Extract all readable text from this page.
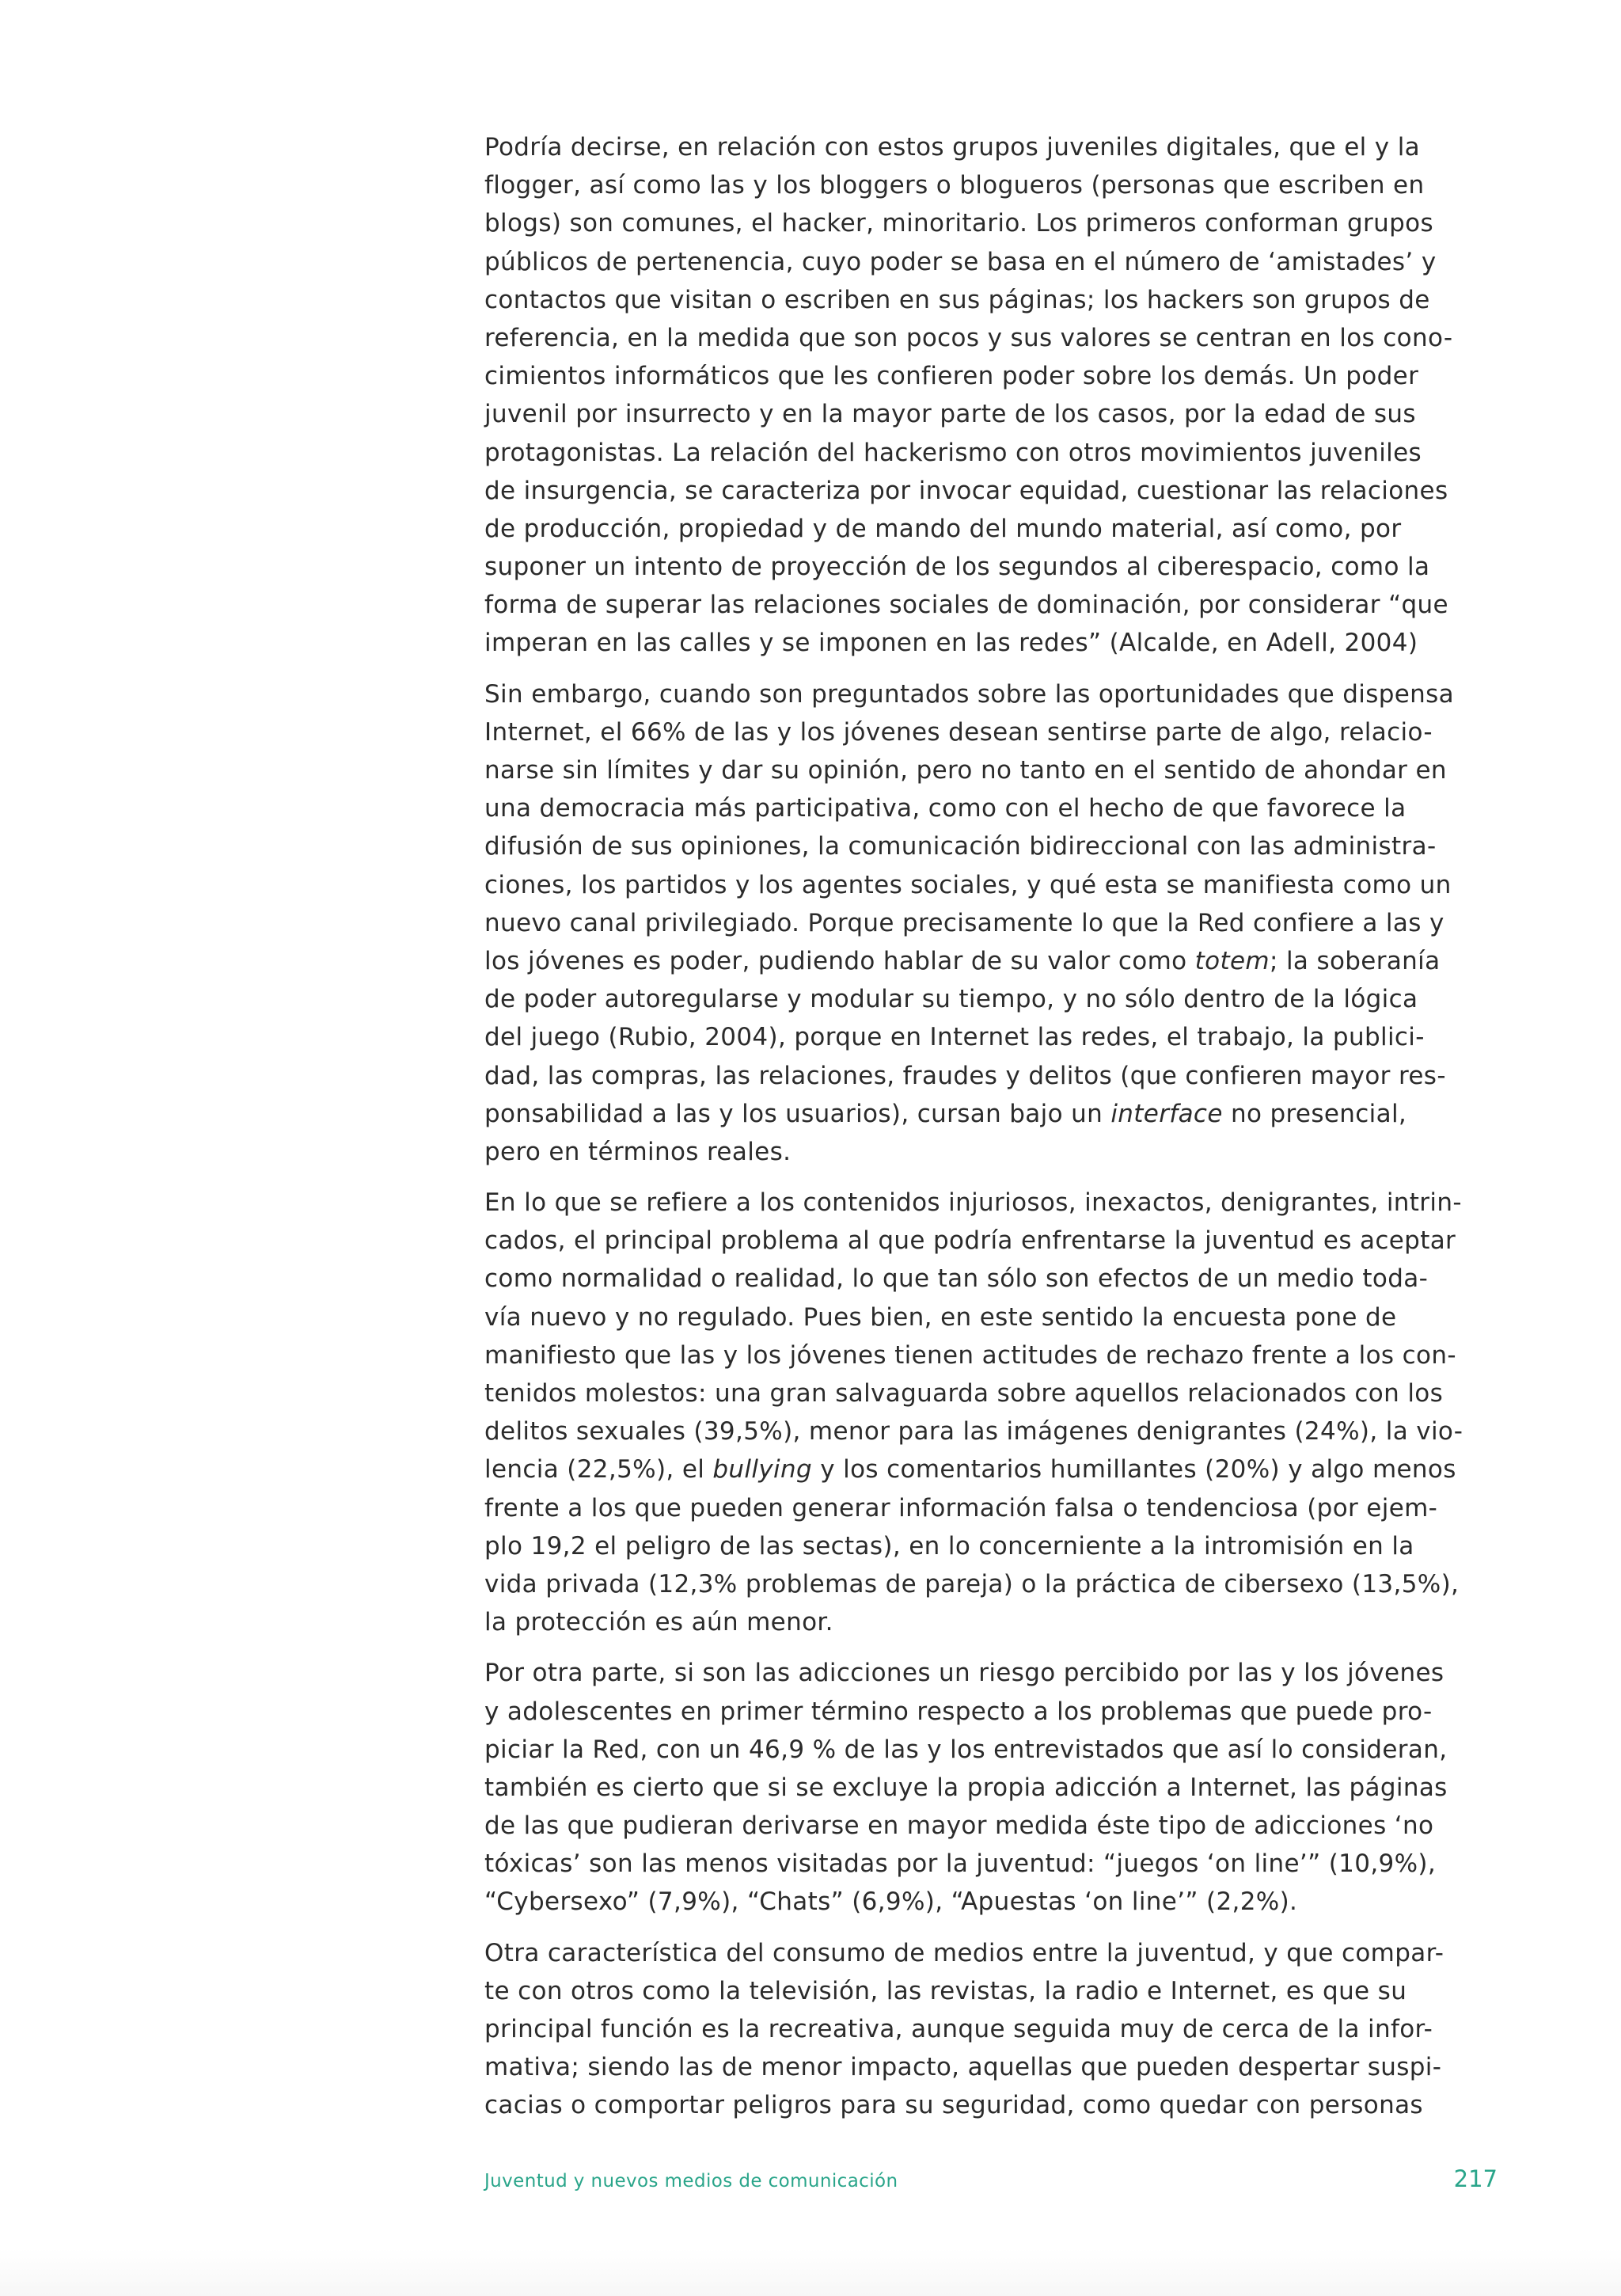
Podría decirse, en relación con estos grupos juveniles digitales, que el y la
flogger, así como las y los bloggers o blogueros (personas que escriben en
blogs) son comunes, el hacker, minoritario. Los primeros conforman grupos
públicos de pertenencia, cuyo poder se basa en el número de ‘amistades’ y
contactos que visitan o escriben en sus páginas; los hackers son grupos de
referencia, en la medida que son pocos y sus valores se centran en los cono-
cimientos informáticos que les confieren poder sobre los demás. Un poder
juvenil por insurrecto y en la mayor parte de los casos, por la edad de sus
protagonistas. La relación del hackerismo con otros movimientos juveniles
de insurgencia, se caracteriza por invocar equidad, cuestionar las relaciones
de producción, propiedad y de mando del mundo material, así como, por
suponer un intento de proyección de los segundos al ciberespacio, como la
forma de superar las relaciones sociales de dominación, por considerar “que
imperan en las calles y se imponen en las redes” (Alcalde, en Adell, 2004)

Sin embargo, cuando son preguntados sobre las oportunidades que dispensa
Internet, el 66% de las y los jóvenes desean sentirse parte de algo, relacio-
narse sin límites y dar su opinión, pero no tanto en el sentido de ahondar en
una democracia más participativa, como con el hecho de que favorece la
difusión de sus opiniones, la comunicación bidireccional con las administra-
ciones, los partidos y los agentes sociales, y qué esta se manifiesta como un
nuevo canal privilegiado. Porque precisamente lo que la Red confiere a las y
los jóvenes es poder, pudiendo hablar de su valor como totem; la soberanía
de poder autoregularse y modular su tiempo, y no sólo dentro de la lógica
del juego (Rubio, 2004), porque en Internet las redes, el trabajo, la publici-
dad, las compras, las relaciones, fraudes y delitos (que confieren mayor res-
ponsabilidad a las y los usuarios), cursan bajo un interface no presencial,
pero en términos reales.

En lo que se refiere a los contenidos injuriosos, inexactos, denigrantes, intrin-
cados, el principal problema al que podría enfrentarse la juventud es aceptar
como normalidad o realidad, lo que tan sólo son efectos de un medio toda-
vía nuevo y no regulado. Pues bien, en este sentido la encuesta pone de
manifiesto que las y los jóvenes tienen actitudes de rechazo frente a los con-
tenidos molestos: una gran salvaguarda sobre aquellos relacionados con los
delitos sexuales (39,5%), menor para las imágenes denigrantes (24%), la vio-
lencia (22,5%), el bullying y los comentarios humillantes (20%) y algo menos
frente a los que pueden generar información falsa o tendenciosa (por ejem-
plo 19,2 el peligro de las sectas), en lo concerniente a la intromisión en la
vida privada (12,3% problemas de pareja) o la práctica de cibersexo (13,5%),
la protección es aún menor.

Por otra parte, si son las adicciones un riesgo percibido por las y los jóvenes
y adolescentes en primer término respecto a los problemas que puede pro-
piciar la Red, con un 46,9 % de las y los entrevistados que así lo consideran,
también es cierto que si se excluye la propia adicción a Internet, las páginas
de las que pudieran derivarse en mayor medida éste tipo de adicciones ‘no
tóxicas’ son las menos visitadas por la juventud: “juegos ‘on line’” (10,9%),
“Cybersexo” (7,9%), “Chats” (6,9%), “Apuestas ‘on line’” (2,2%).

Otra característica del consumo de medios entre la juventud, y que compar-
te con otros como la televisión, las revistas, la radio e Internet, es que su
principal función es la recreativa, aunque seguida muy de cerca de la infor-
mativa; siendo las de menor impacto, aquellas que pueden despertar suspi-
cacias o comportar peligros para su seguridad, como quedar con personas

Juventud y nuevos medios de comunicación	217
